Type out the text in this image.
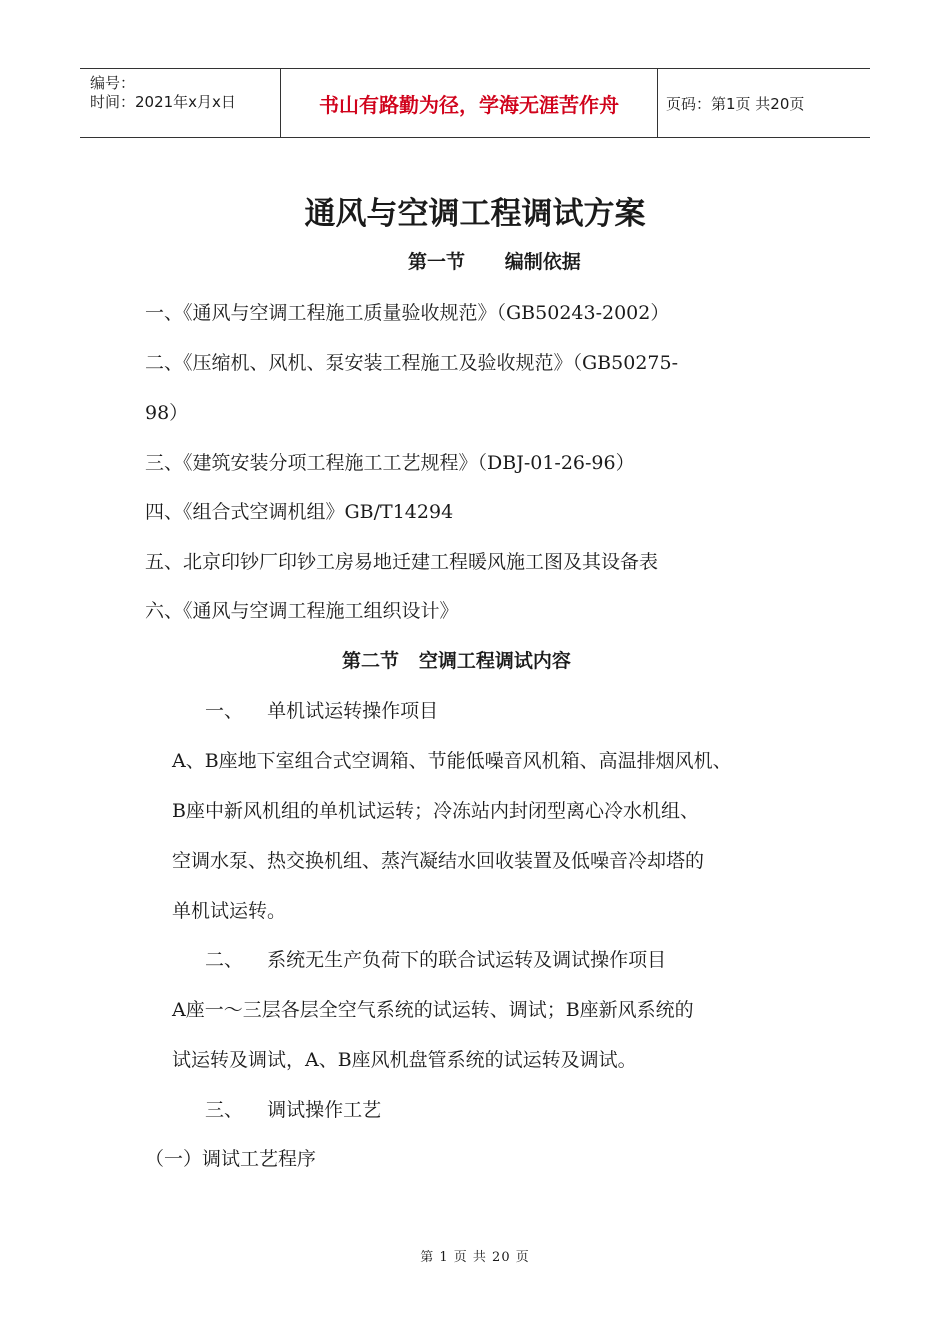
编号：
时间：2021年x月x日	书山有路勤为径，学海无涯苦作舟	页码：第1页 共20页
通风与空调工程调试方案
第一节      编制依据
一、《通风与空调工程施工质量验收规范》（GB50243-2002）
二、《压缩机、风机、泵安装工程施工及验收规范》（GB50275-
98）
三、《建筑安装分项工程施工工艺规程》（DBJ-01-26-96）
四、《组合式空调机组》GB/T14294
五、北京印钞厂印钞工房易地迁建工程暖风施工图及其设备表
六、《通风与空调工程施工组织设计》
第二节   空调工程调试内容
一、    单机试运转操作项目
A、B座地下室组合式空调箱、节能低噪音风机箱、高温排烟风机、
B座中新风机组的单机试运转；冷冻站内封闭型离心冷水机组、
空调水泵、热交换机组、蒸汽凝结水回收装置及低噪音冷却塔的
单机试运转。
二、    系统无生产负荷下的联合试运转及调试操作项目
A座一～三层各层全空气系统的试运转、调试；B座新风系统的
试运转及调试，A、B座风机盘管系统的试运转及调试。
三、    调试操作工艺
（一）调试工艺程序
第 1 页 共 20 页
